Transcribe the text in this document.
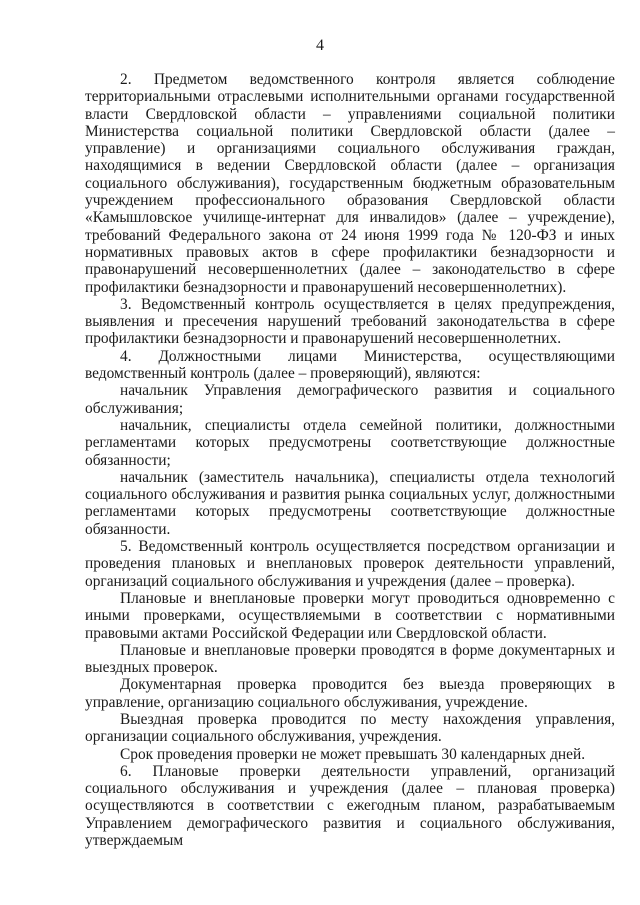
4

2. Предметом ведомственного контроля является соблюдение территориальными отраслевыми исполнительными органами государственной власти Свердловской области – управлениями социальной политики Министерства социальной политики Свердловской области (далее – управление) и организациями социального обслуживания граждан, находящимися в ведении Свердловской области (далее – организация социального обслуживания), государственным бюджетным образовательным учреждением профессионального образования Свердловской области «Камышловское училище-интернат для инвалидов» (далее – учреждение), требований Федерального закона от 24 июня 1999 года № 120-ФЗ и иных нормативных правовых актов в сфере профилактики безнадзорности и правонарушений несовершеннолетних (далее – законодательство в сфере профилактики безнадзорности и правонарушений несовершеннолетних).

3. Ведомственный контроль осуществляется в целях предупреждения, выявления и пресечения нарушений требований законодательства в сфере профилактики безнадзорности и правонарушений несовершеннолетних.

4. Должностными лицами Министерства, осуществляющими ведомственный контроль (далее – проверяющий), являются:

начальник Управления демографического развития и социального обслуживания;

начальник, специалисты отдела семейной политики, должностными регламентами которых предусмотрены соответствующие должностные обязанности;

начальник (заместитель начальника), специалисты отдела технологий социального обслуживания и развития рынка социальных услуг, должностными регламентами которых предусмотрены соответствующие должностные обязанности.

5. Ведомственный контроль осуществляется посредством организации и проведения плановых и внеплановых проверок деятельности управлений, организаций социального обслуживания и учреждения (далее – проверка).

Плановые и внеплановые проверки могут проводиться одновременно с иными проверками, осуществляемыми в соответствии с нормативными правовыми актами Российской Федерации или Свердловской области.

Плановые и внеплановые проверки проводятся в форме документарных и выездных проверок.

Документарная проверка проводится без выезда проверяющих в управление, организацию социального обслуживания, учреждение.

Выездная проверка проводится по месту нахождения управления, организации социального обслуживания, учреждения.

Срок проведения проверки не может превышать 30 календарных дней.

6. Плановые проверки деятельности управлений, организаций социального обслуживания и учреждения (далее – плановая проверка) осуществляются в соответствии с ежегодным планом, разрабатываемым Управлением демографического развития и социального обслуживания, утверждаемым
